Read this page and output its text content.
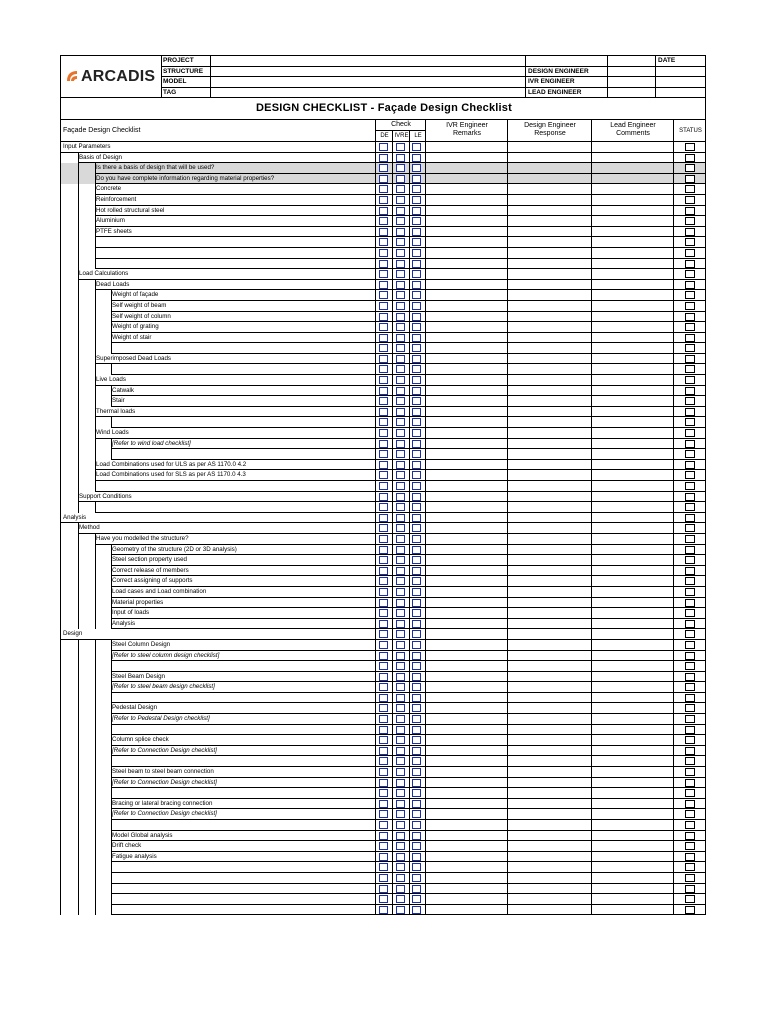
ARCADIS
PROJECT
STRUCTURE
MODEL
TAG
DESIGN ENGINEER
IVR ENGINEER
LEAD ENGINEER
DATE
DESIGN CHECKLIST - Façade Design Checklist
Façade Design Checklist
Check
DE IVRE LE
IVR Engineer
Remarks
Design Engineer
Response
Lead Engineer
Comments	STATUS
Input Parameters
Basis of Design
Is there a basis of design that will be used?
Do you have complete information regarding material properties?
Concrete
Reinforcement
Hot rolled structural steel
Aluminium
PTFE sheets
Load Calculations
Dead Loads
Weight of façade
Self weight of beam
Self weight of column
Weight of grating
Weight of stair
Superimposed Dead Loads
Live Loads
Catwalk
Stair
Thermal loads
Wind Loads
[Refer to wind load checklist]
Load Combinations used for ULS as per AS 1170.0 4.2
Load Combinations used for SLS as per AS 1170.0 4.3
Support Conditions
Analysis
Method
Have you modelled the structure?
Geometry of the structure (2D or 3D analysis)
Steel section property used
Correct release of members
Correct assigning of supports
Load cases and Load combination
Material properties
Input of loads
Analysis
Design
Steel Column Design
[Refer to steel column design checklist]
Steel Beam Design
[Refer to steel beam design checklist]
Pedestal Design
[Refer to Pedestal Design checklist]
Column splice check
[Refer to Connection Design checklist]
Steel beam to steel beam connection
[Refer to Connection Design checklist]
Bracing or lateral bracing connection
[Refer to Connection Design checklist]
Model Global analysis
Drift check
Fatigue analysis
